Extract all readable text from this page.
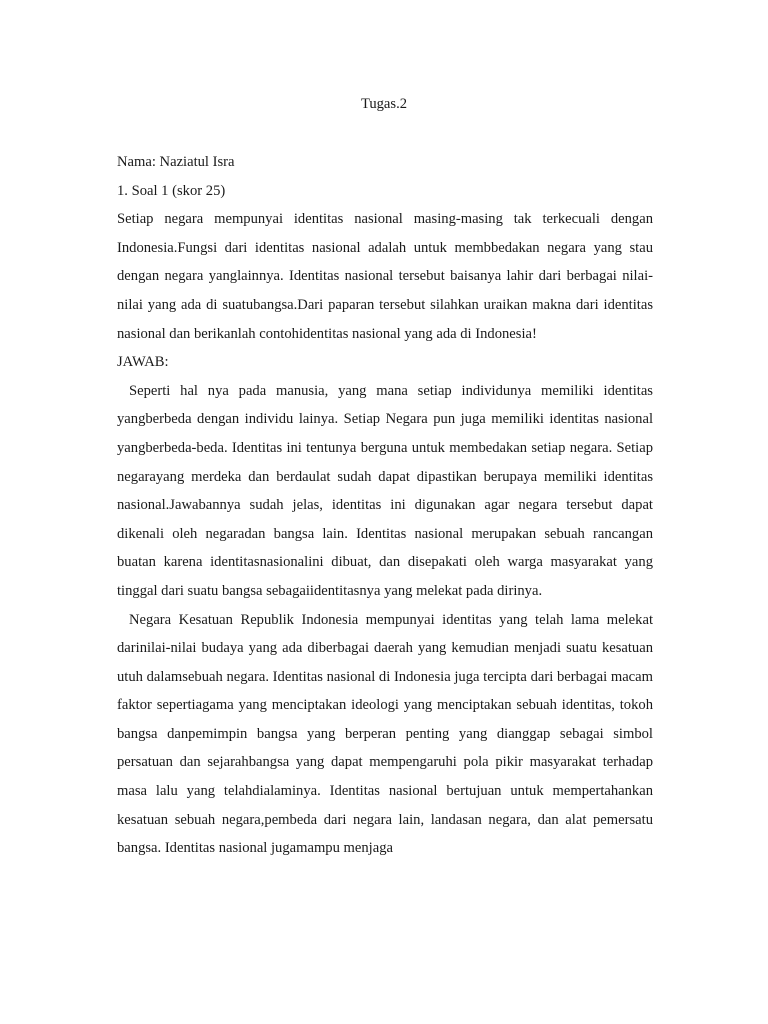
Tugas.2
Nama: Naziatul Isra
1. Soal 1 (skor 25)

Setiap negara mempunyai identitas nasional masing-masing tak terkecuali dengan Indonesia.Fungsi dari identitas nasional adalah untuk membbedakan negara yang stau dengan negara yanglainnya. Identitas nasional tersebut baisanya lahir dari berbagai nilai-nilai yang ada di suatubangsa.Dari paparan tersebut silahkan uraikan makna dari identitas nasional dan berikanlah contohidentitas nasional yang ada di Indonesia!

JAWAB:

Seperti hal nya pada manusia, yang mana setiap individunya memiliki identitas yangberbeda dengan individu lainya. Setiap Negara pun juga memiliki identitas nasional yangberbeda-beda. Identitas ini tentunya berguna untuk membedakan setiap negara. Setiap negarayang merdeka dan berdaulat sudah dapat dipastikan berupaya memiliki identitas nasional.Jawabannya sudah jelas, identitas ini digunakan agar negara tersebut dapat dikenali oleh negaradan bangsa lain. Identitas nasional merupakan sebuah rancangan buatan karena identitasnasionalini dibuat, dan disepakati oleh warga masyarakat yang tinggal dari suatu bangsa sebagaiidentitasnya yang melekat pada dirinya.

Negara Kesatuan Republik Indonesia mempunyai identitas yang telah lama melekat darinilai-nilai budaya yang ada diberbagai daerah yang kemudian menjadi suatu kesatuan utuh dalamsebuah negara. Identitas nasional di Indonesia juga tercipta dari berbagai macam faktor sepertiagama yang menciptakan ideologi yang menciptakan sebuah identitas, tokoh bangsa danpemimpin bangsa yang berperan penting yang dianggap sebagai simbol persatuan dan sejarahbangsa yang dapat mempengaruhi pola pikir masyarakat terhadap masa lalu yang telahdialaminya. Identitas nasional bertujuan untuk mempertahankan kesatuan sebuah negara,pembeda dari negara lain, landasan negara, dan alat pemersatu bangsa. Identitas nasional jugamampu menjaga
